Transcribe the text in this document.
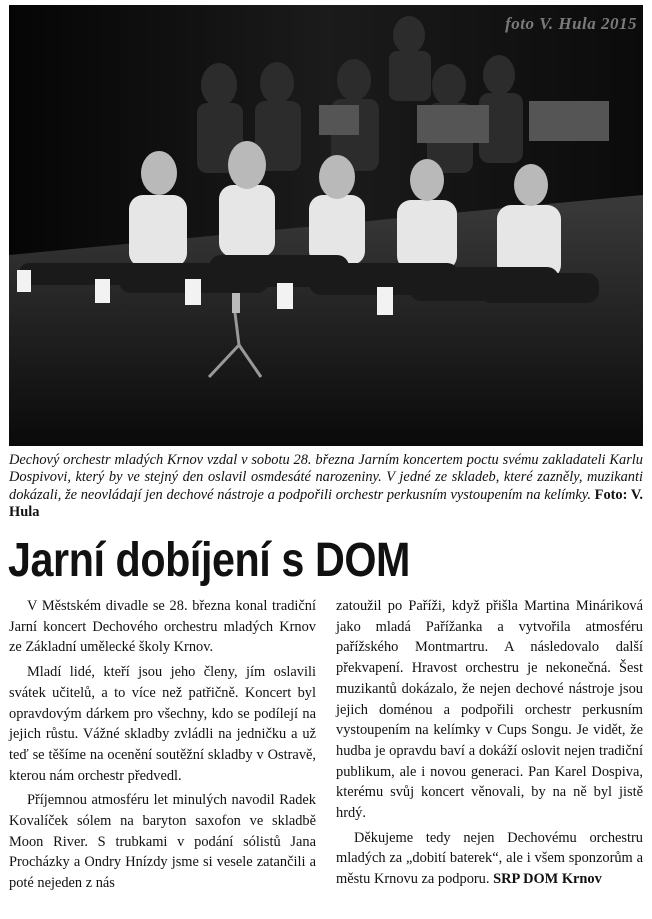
foto V. Hula 2015
Dechový orchestr mladých Krnov vzdal v sobotu 28. března Jarním koncertem poctu svému zakladateli Karlu Dospivovi, který by ve stejný den oslavil osmdesáté narozeniny. V jedné ze skladeb, které zazněly, muzikanti dokázali, že neovládají jen dechové nástroje a podpořili orchestr perkusním vystoupením na kelímky. Foto: V. Hula
Jarní dobíjení s DOM

V Městském divadle se 28. března konal tradiční Jarní koncert Dechového orchestru mladých Krnov ze Základní umělecké školy Krnov.

Mladí lidé, kteří jsou jeho členy, jím oslavili svátek učitelů, a to více než patřičně. Koncert byl opravdovým dárkem pro všechny, kdo se podílejí na jejich růstu. Vážné skladby zvládli na jedničku a už teď se těšíme na ocenění soutěžní skladby v Ostravě, kterou nám orchestr předvedl.

Příjemnou atmosféru let minulých navodil Radek Kovalíček sólem na baryton saxofon ve skladbě Moon River. S trubkami v podání sólistů Jana Procházky a Ondry Hnízdy jsme si vesele zatančili a poté nejeden z nás

zatoužil po Paříži, když přišla Martina Mináriková jako mladá Pařížanka a vytvořila atmosféru pařížského Montmartru. A následovalo další překvapení. Hravost orchestru je nekonečná. Šest muzikantů dokázalo, že nejen dechové nástroje jsou jejich doménou a podpořili orchestr perkusním vystoupením na kelímky v Cups Songu. Je vidět, že hudba je opravdu baví a dokáží oslovit nejen tradiční publikum, ale i novou generaci. Pan Karel Dospiva, kterému svůj koncert věnovali, by na ně byl jistě hrdý.

Děkujeme tedy nejen Dechovému orchestru mladých za „dobití baterek“, ale i všem sponzorům a městu Krnovu za podporu. SRP DOM Krnov
